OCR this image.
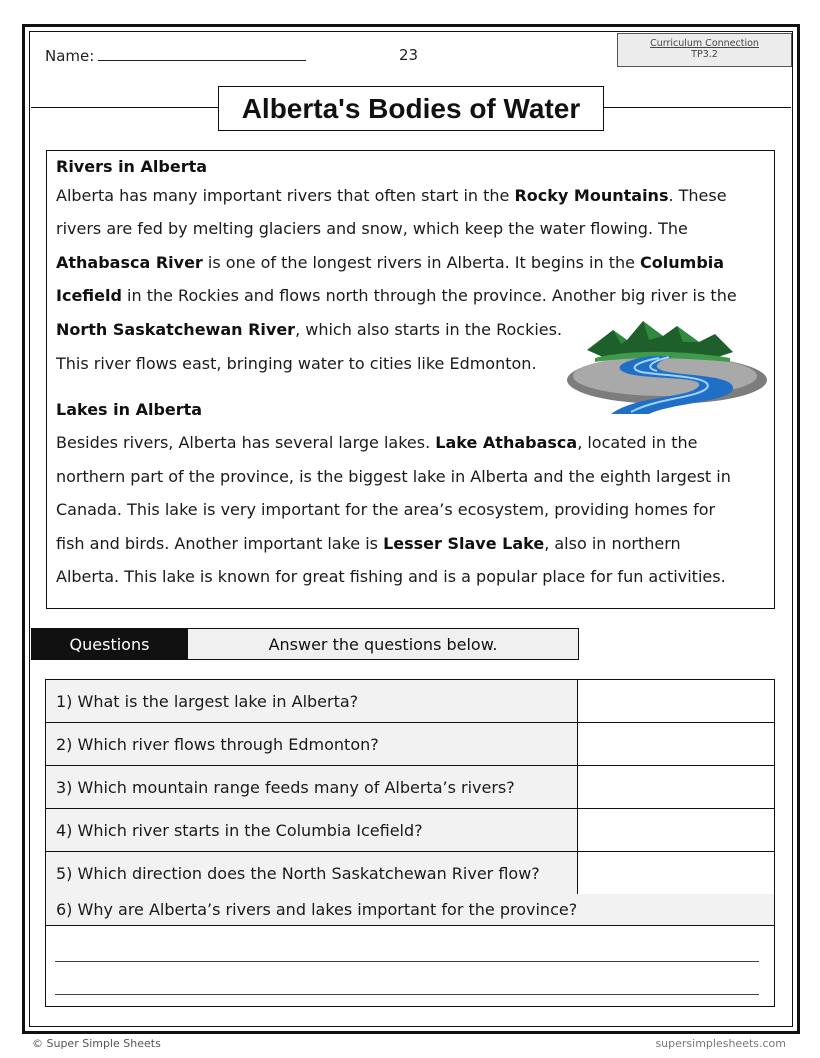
Name:	23
Curriculum Connection
TP3.2
Alberta's Bodies of Water
Rivers in Alberta
Alberta has many important rivers that often start in the Rocky Mountains. These
rivers are fed by melting glaciers and snow, which keep the water flowing. The
Athabasca River is one of the longest rivers in Alberta. It begins in the Columbia
Icefield in the Rockies and flows north through the province. Another big river is the
North Saskatchewan River, which also starts in the Rockies.
This river flows east, bringing water to cities like Edmonton.
Lakes in Alberta
Besides rivers, Alberta has several large lakes. Lake Athabasca, located in the
northern part of the province, is the biggest lake in Alberta and the eighth largest in
Canada. This lake is very important for the area’s ecosystem, providing homes for
fish and birds. Another important lake is Lesser Slave Lake, also in northern
Alberta. This lake is known for great fishing and is a popular place for fun activities.
Questions	Answer the questions below.
1) What is the largest lake in Alberta?
2) Which river flows through Edmonton?
3) Which mountain range feeds many of Alberta’s rivers?
4) Which river starts in the Columbia Icefield?
5) Which direction does the North Saskatchewan River flow?
6) Why are Alberta’s rivers and lakes important for the province?
© Super Simple Sheets	supersimplesheets.com
